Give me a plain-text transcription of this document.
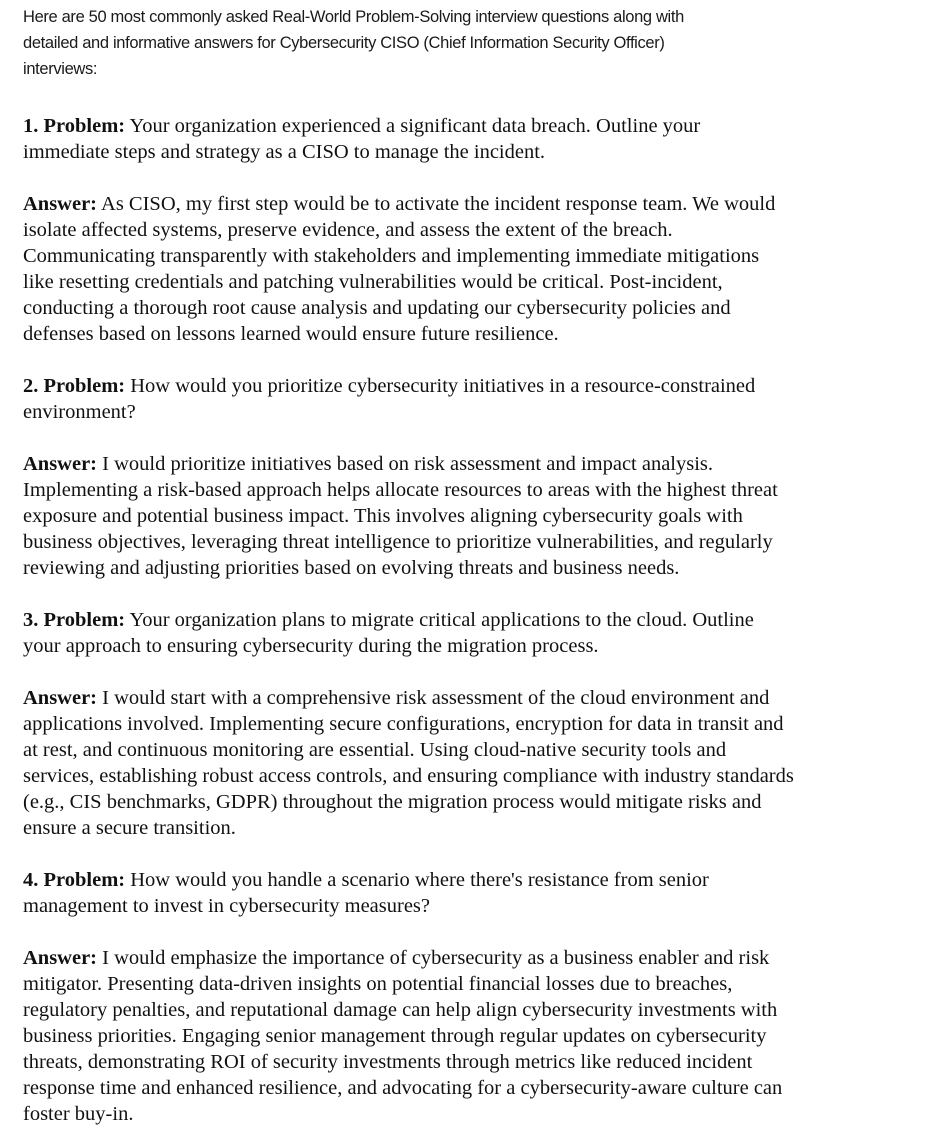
Here are 50 most commonly asked Real-World Problem-Solving interview questions along with
detailed and informative answers for Cybersecurity CISO (Chief Information Security Officer)
interviews:
1. Problem: Your organization experienced a significant data breach. Outline your
immediate steps and strategy as a CISO to manage the incident.
Answer: As CISO, my first step would be to activate the incident response team. We would
isolate affected systems, preserve evidence, and assess the extent of the breach.
Communicating transparently with stakeholders and implementing immediate mitigations
like resetting credentials and patching vulnerabilities would be critical. Post-incident,
conducting a thorough root cause analysis and updating our cybersecurity policies and
defenses based on lessons learned would ensure future resilience.
2. Problem: How would you prioritize cybersecurity initiatives in a resource-constrained
environment?
Answer: I would prioritize initiatives based on risk assessment and impact analysis.
Implementing a risk-based approach helps allocate resources to areas with the highest threat
exposure and potential business impact. This involves aligning cybersecurity goals with
business objectives, leveraging threat intelligence to prioritize vulnerabilities, and regularly
reviewing and adjusting priorities based on evolving threats and business needs.
3. Problem: Your organization plans to migrate critical applications to the cloud. Outline
your approach to ensuring cybersecurity during the migration process.
Answer: I would start with a comprehensive risk assessment of the cloud environment and
applications involved. Implementing secure configurations, encryption for data in transit and
at rest, and continuous monitoring are essential. Using cloud-native security tools and
services, establishing robust access controls, and ensuring compliance with industry standards
(e.g., CIS benchmarks, GDPR) throughout the migration process would mitigate risks and
ensure a secure transition.
4. Problem: How would you handle a scenario where there's resistance from senior
management to invest in cybersecurity measures?
Answer: I would emphasize the importance of cybersecurity as a business enabler and risk
mitigator. Presenting data-driven insights on potential financial losses due to breaches,
regulatory penalties, and reputational damage can help align cybersecurity investments with
business priorities. Engaging senior management through regular updates on cybersecurity
threats, demonstrating ROI of security investments through metrics like reduced incident
response time and enhanced resilience, and advocating for a cybersecurity-aware culture can
foster buy-in.
